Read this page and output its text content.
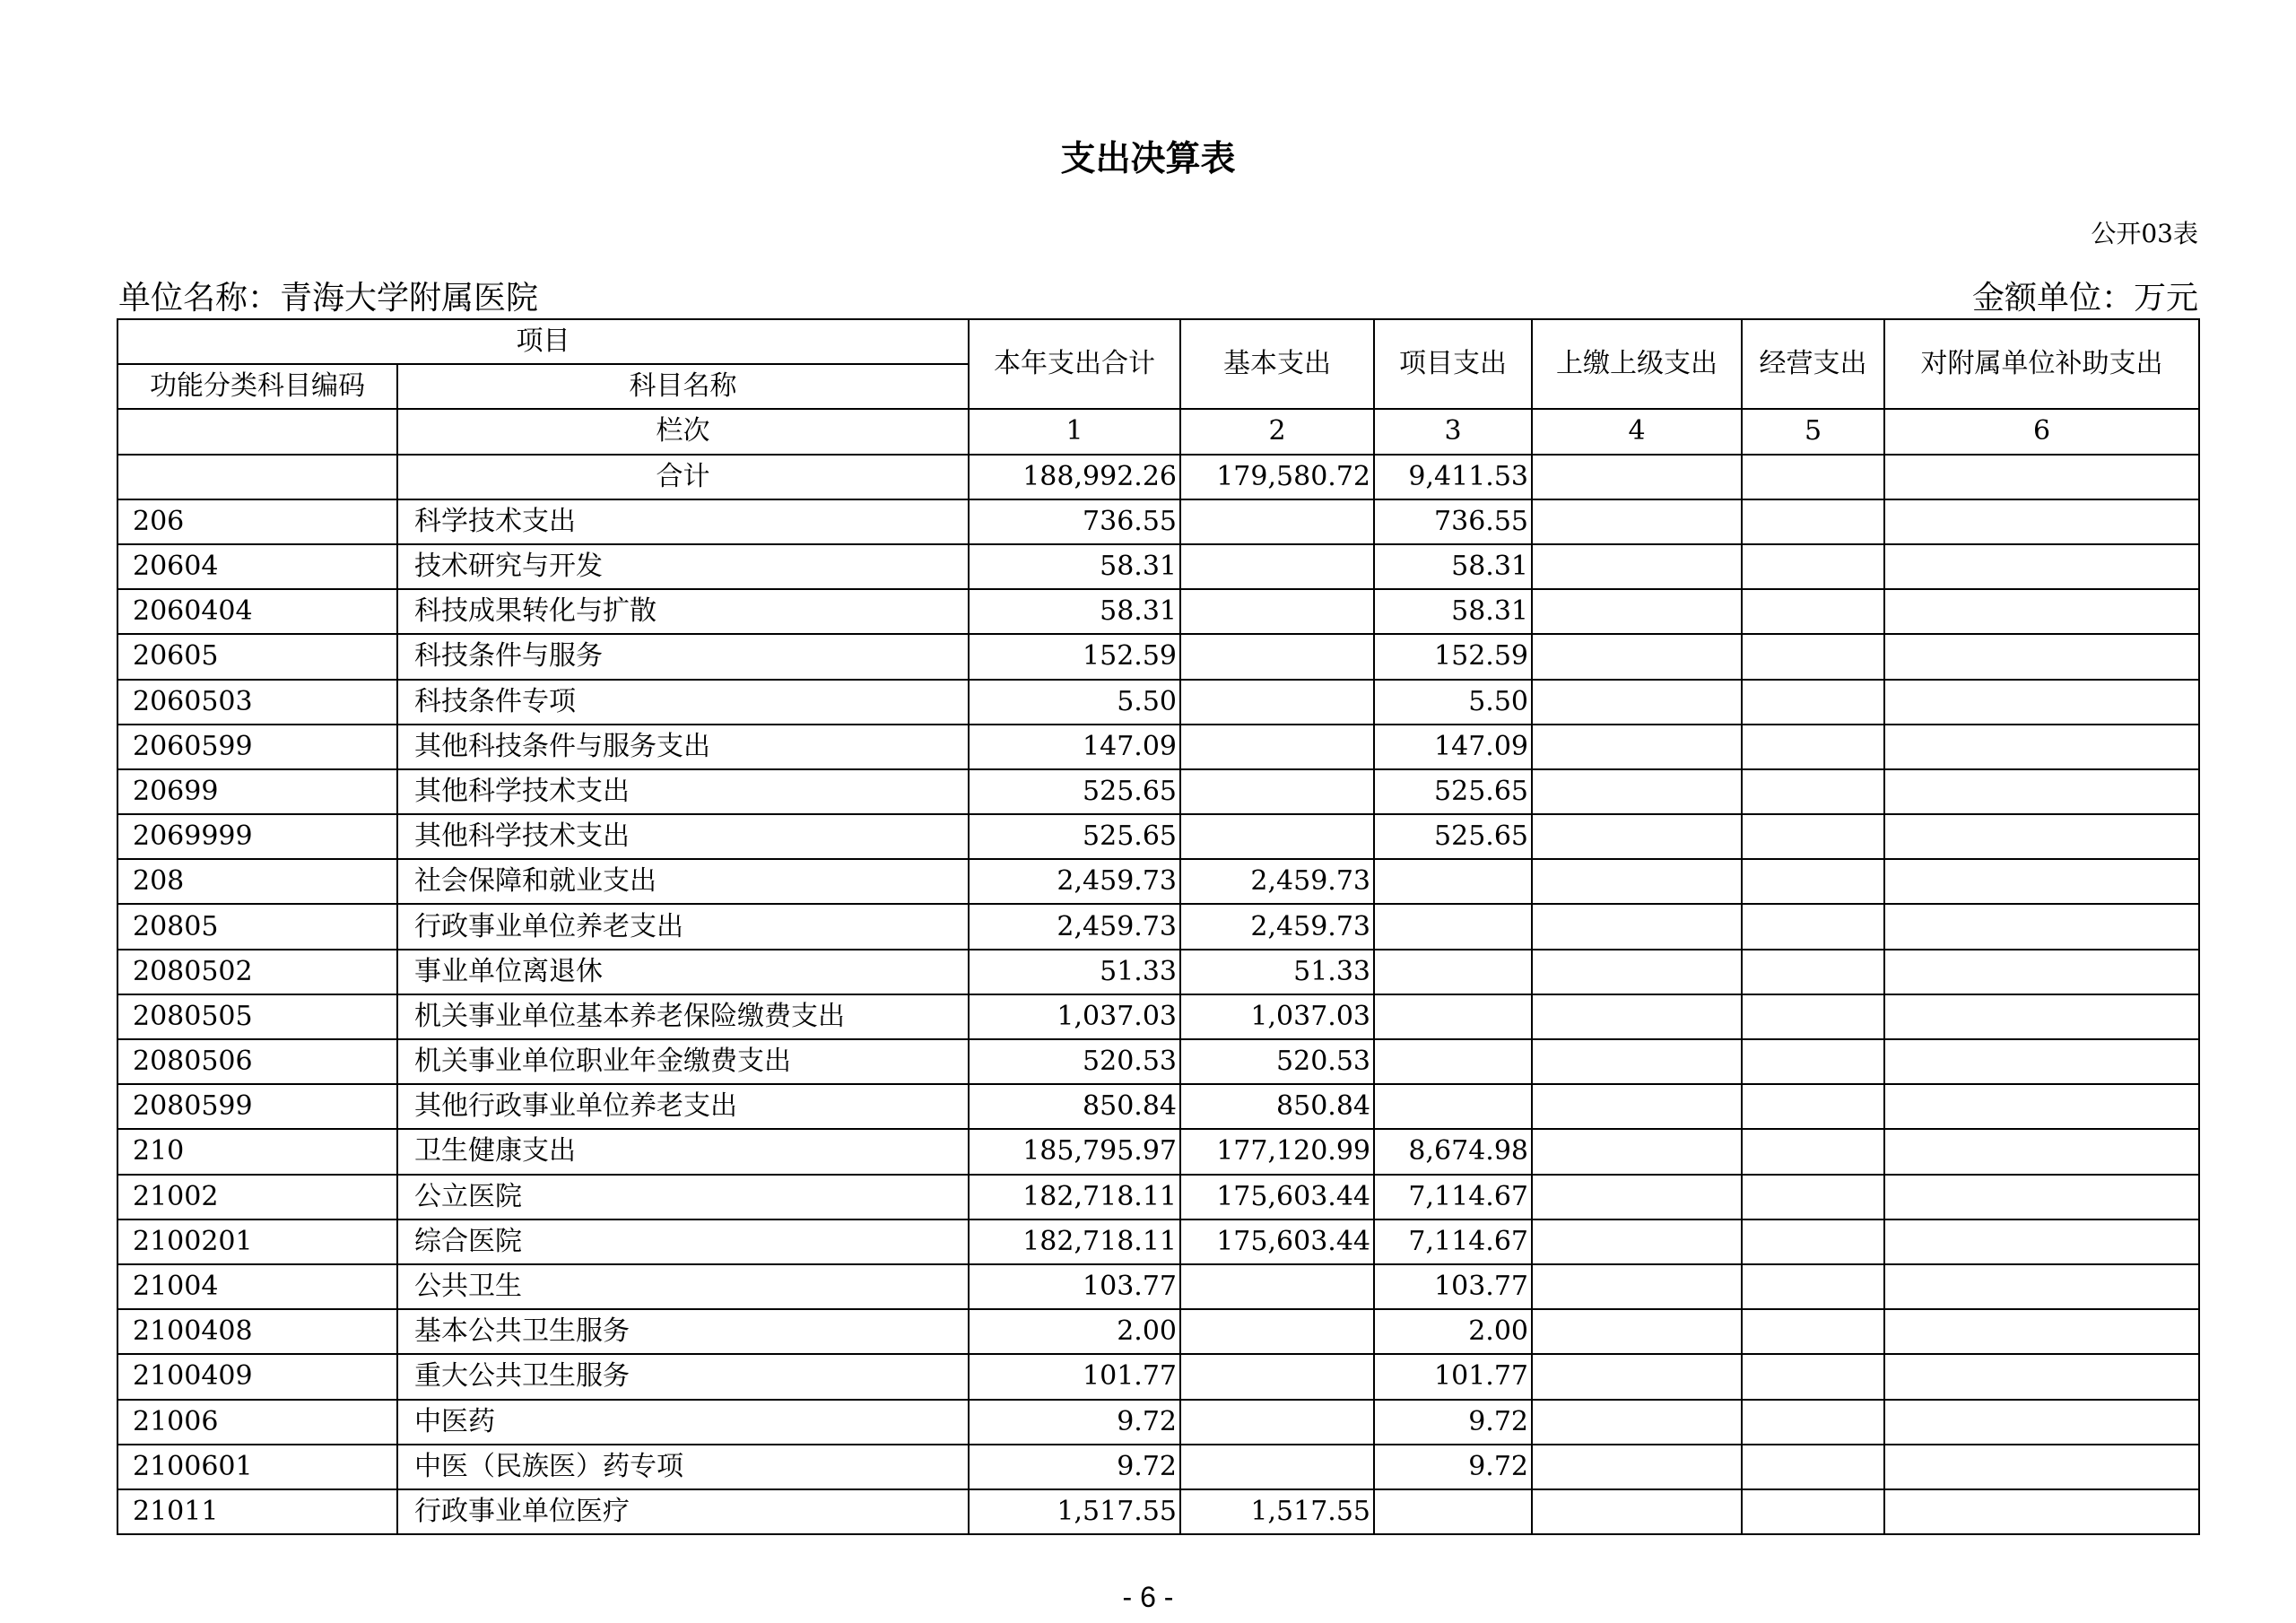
支出决算表
公开03表
单位名称：青海大学附属医院	金额单位：万元
项目		本年支出合计	基本支出	项目支出	上缴上级支出	经营支出	对附属单位补助支出
功能分类科目编码	科目名称						
	栏次	1	2	3	4	5	6
	合计	188,992.26	179,580.72	9,411.53			
206	科学技术支出	736.55		736.55			
20604	技术研究与开发	58.31		58.31			
2060404	科技成果转化与扩散	58.31		58.31			
20605	科技条件与服务	152.59		152.59			
2060503	科技条件专项	5.50		5.50			
2060599	其他科技条件与服务支出	147.09		147.09			
20699	其他科学技术支出	525.65		525.65			
2069999	其他科学技术支出	525.65		525.65			
208	社会保障和就业支出	2,459.73	2,459.73				
20805	行政事业单位养老支出	2,459.73	2,459.73				
2080502	事业单位离退休	51.33	51.33				
2080505	机关事业单位基本养老保险缴费支出	1,037.03	1,037.03				
2080506	机关事业单位职业年金缴费支出	520.53	520.53				
2080599	其他行政事业单位养老支出	850.84	850.84				
210	卫生健康支出	185,795.97	177,120.99	8,674.98			
21002	公立医院	182,718.11	175,603.44	7,114.67			
2100201	综合医院	182,718.11	175,603.44	7,114.67			
21004	公共卫生	103.77		103.77			
2100408	基本公共卫生服务	2.00		2.00			
2100409	重大公共卫生服务	101.77		101.77			
21006	中医药	9.72		9.72			
2100601	中医（民族医）药专项	9.72		9.72			
21011	行政事业单位医疗	1,517.55	1,517.55				
- 6 -
